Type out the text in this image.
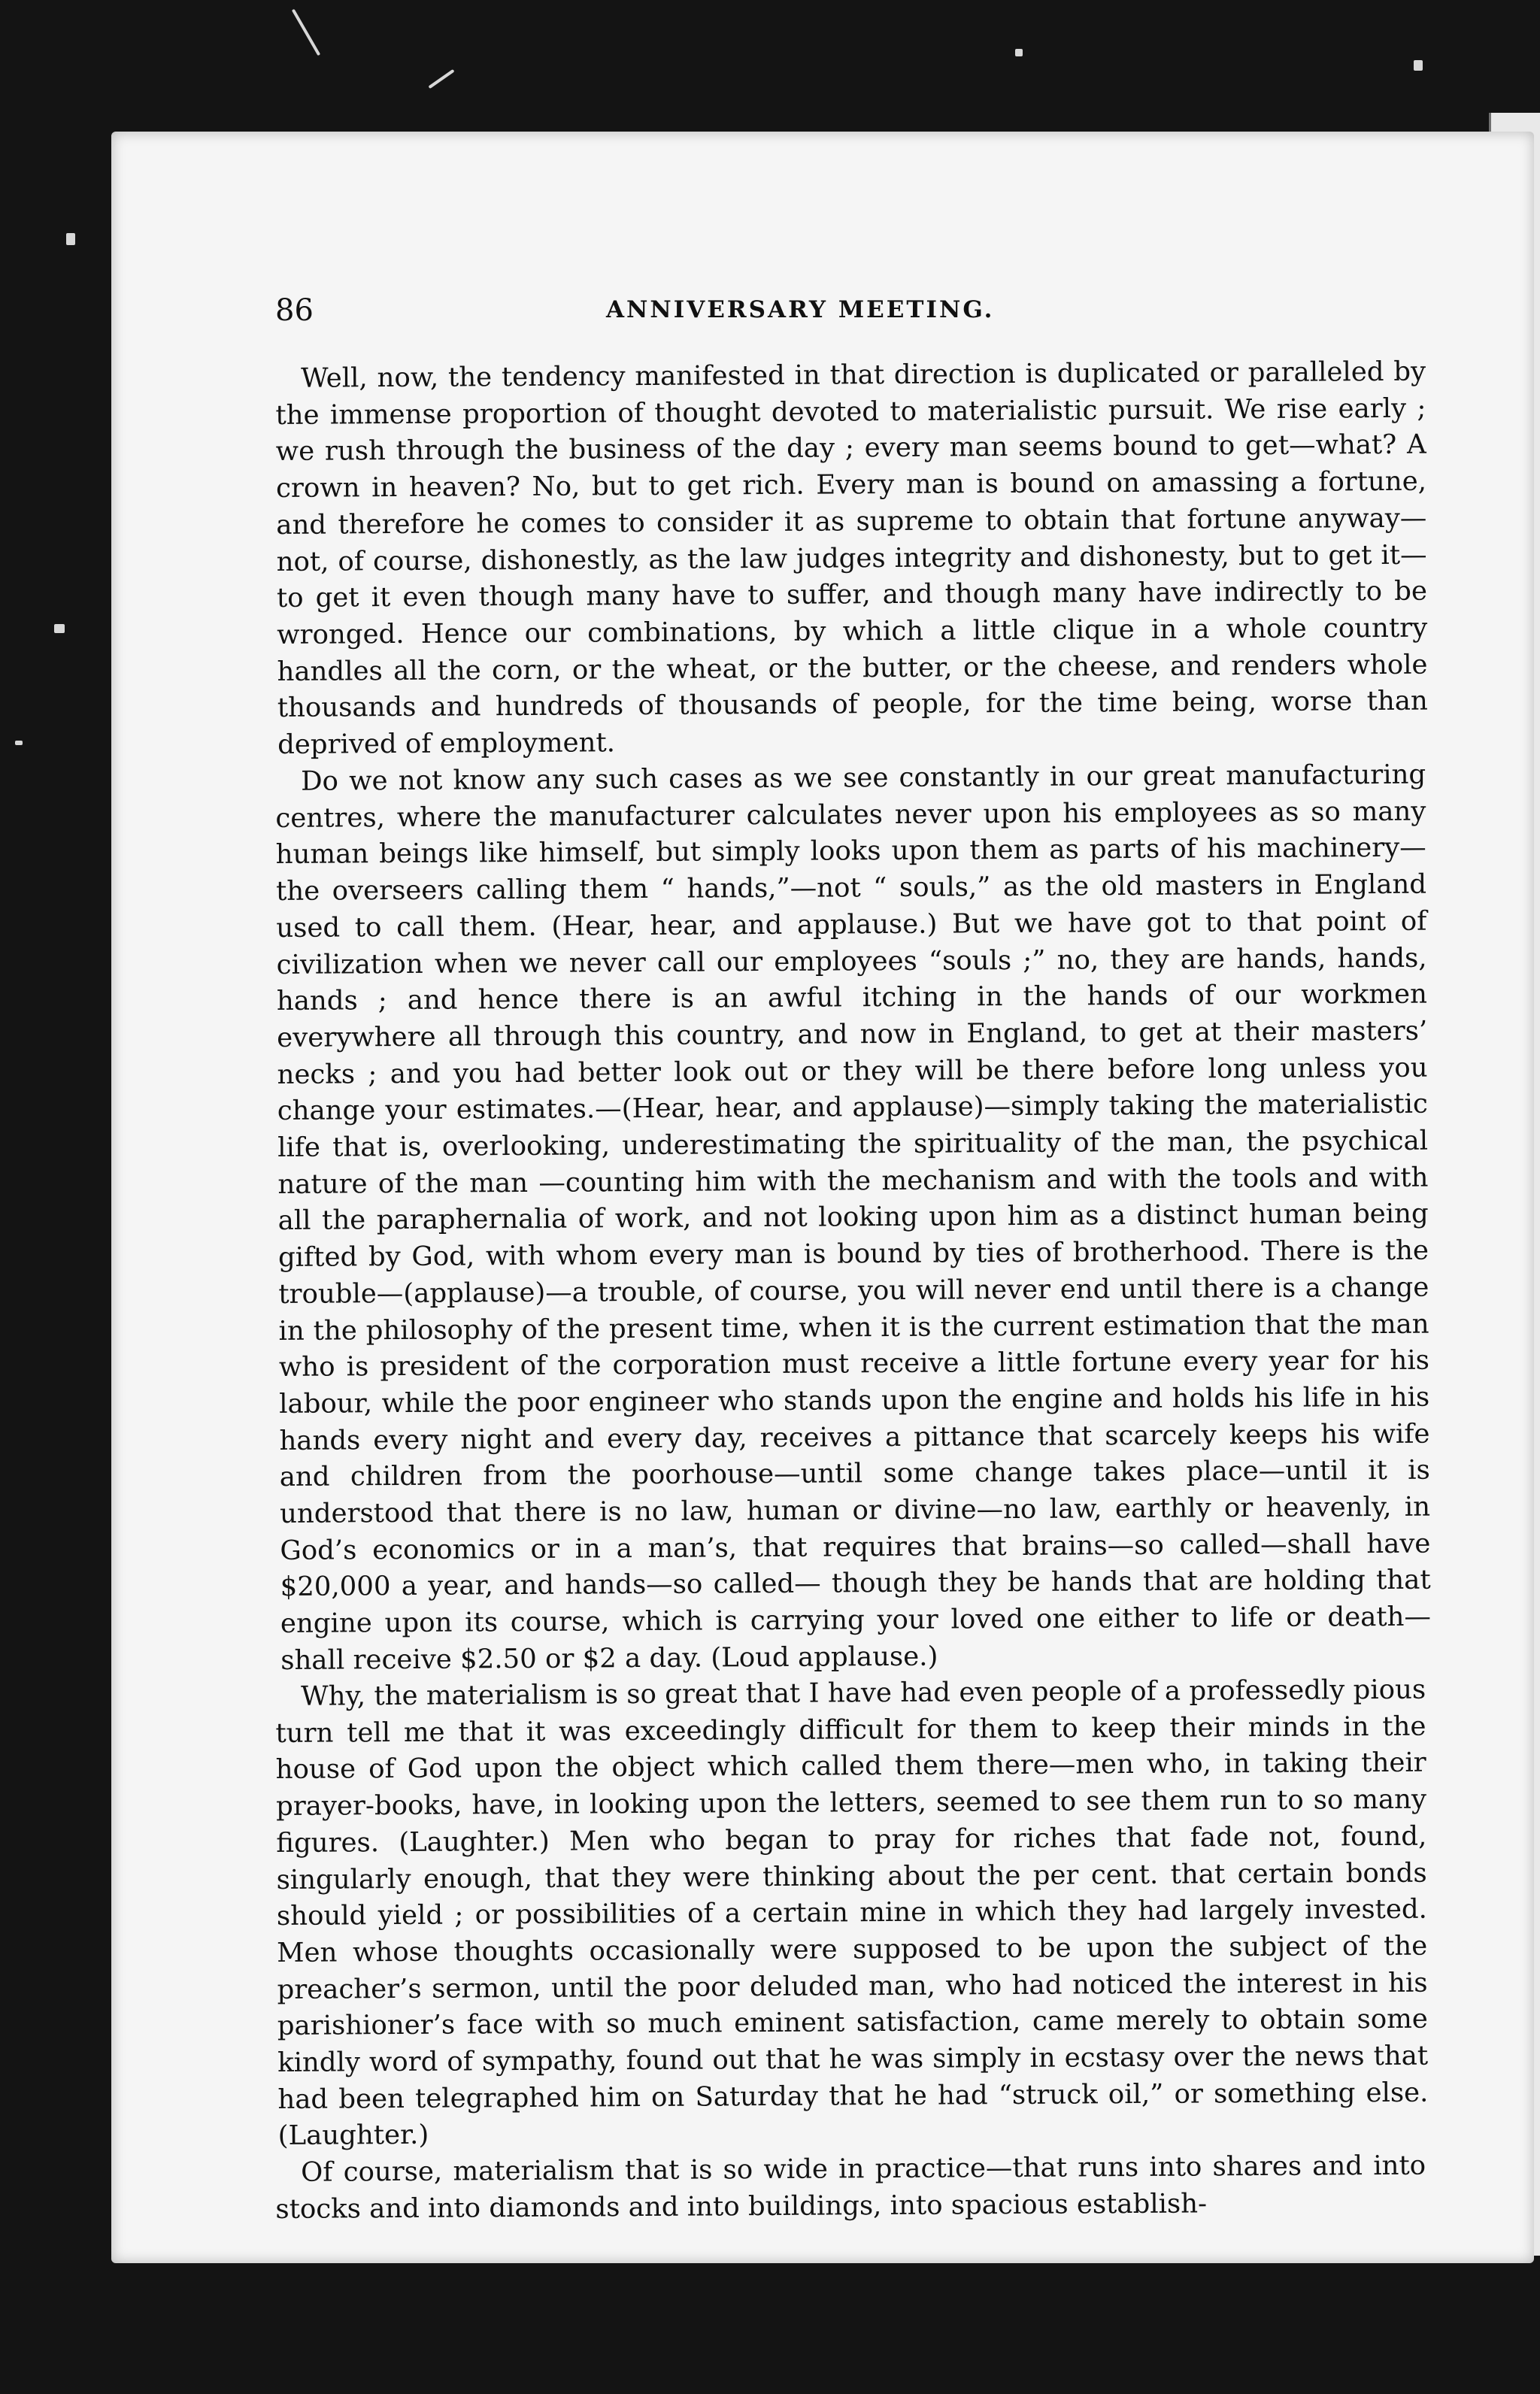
86	ANNIVERSARY MEETING.

Well, now, the tendency manifested in that direction is duplicated or paralleled by the immense proportion of thought devoted to materialistic pursuit. We rise early ; we rush through the business of the day ; every man seems bound to get—what? A crown in heaven? No, but to get rich. Every man is bound on amassing a fortune, and therefore he comes to consider it as supreme to obtain that fortune anyway—not, of course, dishonestly, as the law judges integrity and dishonesty, but to get it—to get it even though many have to suffer, and though many have indirectly to be wronged. Hence our combinations, by which a little clique in a whole country handles all the corn, or the wheat, or the butter, or the cheese, and renders whole thousands and hundreds of thousands of people, for the time being, worse than deprived of employment.

Do we not know any such cases as we see constantly in our great manufacturing centres, where the manufacturer calculates never upon his employees as so many human beings like himself, but simply looks upon them as parts of his machinery—the overseers calling them “ hands,”—not “ souls,” as the old masters in England used to call them. (Hear, hear, and applause.) But we have got to that point of civilization when we never call our employees “souls ;” no, they are hands, hands, hands ; and hence there is an awful itching in the hands of our workmen everywhere all through this country, and now in England, to get at their masters’ necks ; and you had better look out or they will be there before long unless you change your estimates.—(Hear, hear, and applause)—simply taking the materialistic life that is, overlooking, underestimating the spirituality of the man, the psychical nature of the man —counting him with the mechanism and with the tools and with all the paraphernalia of work, and not looking upon him as a distinct human being gifted by God, with whom every man is bound by ties of brotherhood. There is the trouble—(applause)—a trouble, of course, you will never end until there is a change in the philosophy of the present time, when it is the current estimation that the man who is president of the corporation must receive a little fortune every year for his labour, while the poor engineer who stands upon the engine and holds his life in his hands every night and every day, receives a pittance that scarcely keeps his wife and children from the poorhouse—until some change takes place—until it is understood that there is no law, human or divine—no law, earthly or heavenly, in God’s economics or in a man’s, that requires that brains—so called—shall have $20,000 a year, and hands—so called— though they be hands that are holding that engine upon its course, which is carrying your loved one either to life or death—shall receive $2.50 or $2 a day. (Loud applause.)

Why, the materialism is so great that I have had even people of a professedly pious turn tell me that it was exceedingly difficult for them to keep their minds in the house of God upon the object which called them there—men who, in taking their prayer-books, have, in looking upon the letters, seemed to see them run to so many figures. (Laughter.) Men who began to pray for riches that fade not, found, singularly enough, that they were thinking about the per cent. that certain bonds should yield ; or possibilities of a certain mine in which they had largely invested. Men whose thoughts occasionally were supposed to be upon the subject of the preacher’s sermon, until the poor deluded man, who had noticed the interest in his parishioner’s face with so much eminent satisfaction, came merely to obtain some kindly word of sympathy, found out that he was simply in ecstasy over the news that had been telegraphed him on Saturday that he had “struck oil,” or something else. (Laughter.)

Of course, materialism that is so wide in practice—that runs into shares and into stocks and into diamonds and into buildings, into spacious establish-
